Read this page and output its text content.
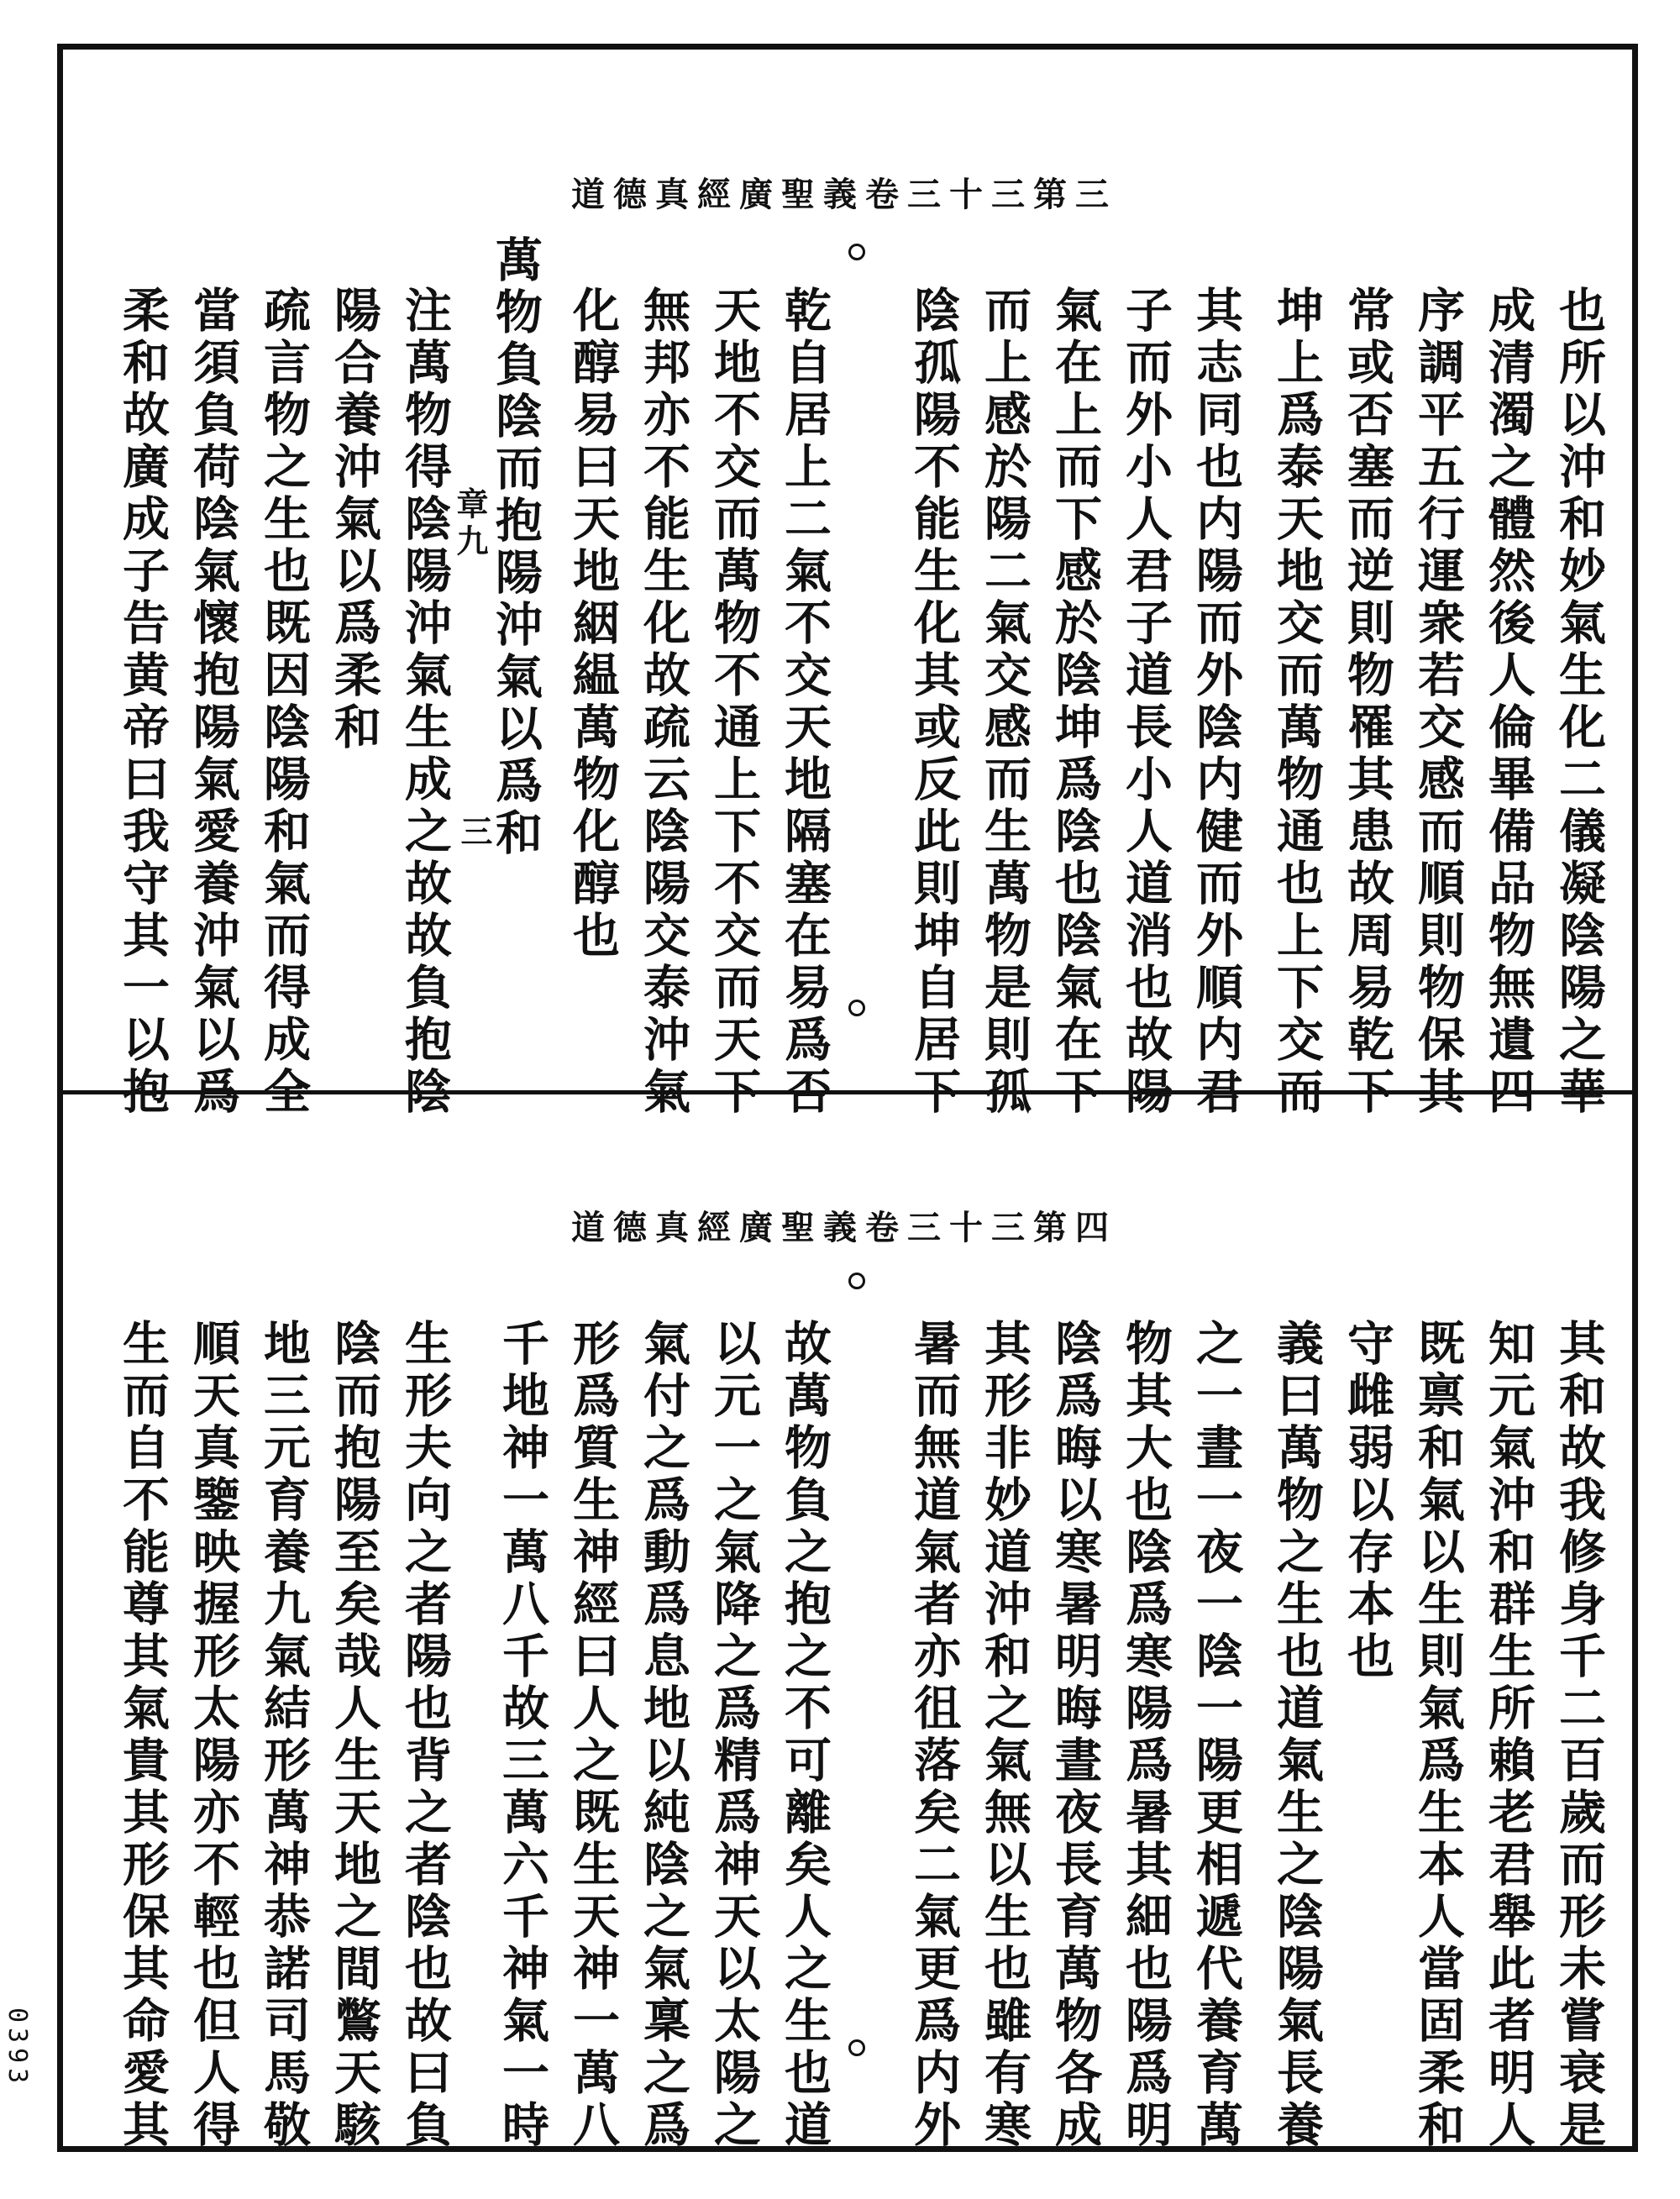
道德真經廣聖義卷三十三第三
也所以沖和妙氣生化二儀凝陰陽之華
成清濁之體然後人倫畢備品物無遺四
序調平五行運衆若交感而順則物保其
常或否塞而逆則物罹其患故周易乾下
坤上爲泰天地交而萬物通也上下交而
其志同也内陽而外陰内健而外順内君
子而外小人君子道長小人道消也故陽
氣在上而下感於陰坤爲陰也陰氣在下
而上感於陽二氣交感而生萬物是則孤
陰孤陽不能生化其或反此則坤自居下
乾自居上二氣不交天地隔塞在易爲否
天地不交而萬物不通上下不交而天下
無邦亦不能生化故疏云陰陽交泰沖氣
化醇易曰天地絪緼萬物化醇也
萬物負陰而抱陽沖氣以爲和
章九
三
注萬物得陰陽沖氣生成之故故負抱陰
陽合養沖氣以爲柔和
疏言物之生也既因陰陽和氣而得成全
當須負荷陰氣懷抱陽氣愛養沖氣以爲
柔和故廣成子告黄帝曰我守其一以抱
道德真經廣聖義卷三十三第四
其和故我修身千二百歲而形未嘗衰是
知元氣沖和群生所賴老君舉此者明人
既禀和氣以生則氣爲生本人當固柔和
守雌弱以存本也
義曰萬物之生也道氣生之陰陽氣長養
之一晝一夜一陰一陽更相遞代養育萬
物其大也陰爲寒陽爲暑其細也陽爲明
陰爲晦以寒暑明晦晝夜長育萬物各成
其形非妙道沖和之氣無以生也雖有寒
暑而無道氣者亦徂落矣二氣更爲内外
故萬物負之抱之不可離矣人之生也道
以元一之氣降之爲精爲神天以太陽之
氣付之爲動爲息地以純陰之氣稟之爲
形爲質生神經曰人之既生天神一萬八
千地神一萬八千故三萬六千神氣一時
生形夫向之者陽也背之者陰也故曰負
陰而抱陽至矣哉人生天地之間鷩天駭
地三元育養九氣結形萬神恭諾司馬敬
順天真鑒映握形太陽亦不輕也但人得
生而自不能尊其氣貴其形保其命愛其
0393
